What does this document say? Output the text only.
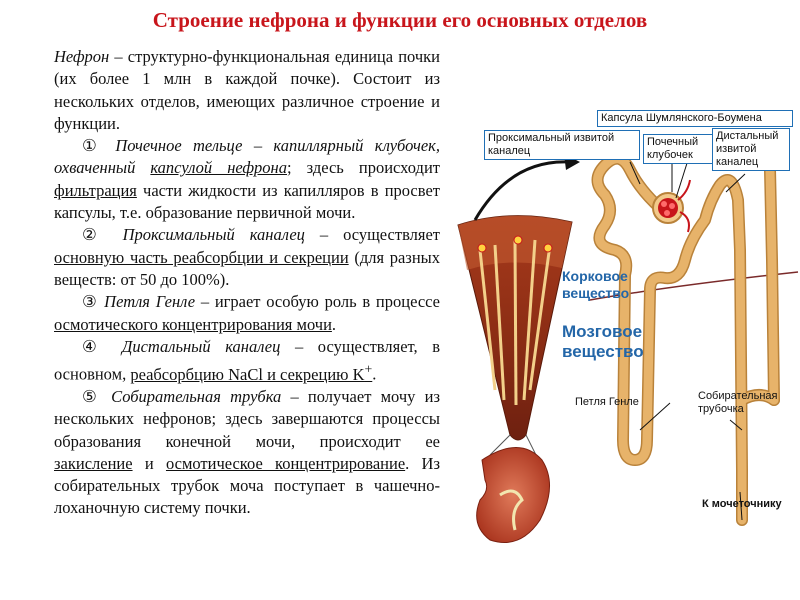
Строение нефрона и функции его основных отделов

Нефрон – структурно-функциональная единица почки (их более 1 млн в каждой почке). Состоит из нескольких отделов, имеющих различное строение и функции.

① Почечное тельце – капиллярный клубочек, охваченный капсулой нефрона; здесь происходит фильтрация части жидкости из капилляров в просвет капсулы, т.е. образование первичной мочи.

② Проксимальный каналец – осуществляет основную часть реабсорбции и секреции (для разных веществ: от 50 до 100%).

③ Петля Генле – играет особую роль в процессе осмотического концентрирования мочи.

④ Дистальный каналец – осуществляет, в основном, реабсорбцию NaCl и секрецию K+.

⑤ Собирательная трубка – получает мочу из нескольких нефронов; здесь завершаются процессы образования конечной мочи, происходит ее закисление и осмотическое концентрирование. Из собирательных трубок моча поступает в чашечно-лоханочную систему почки.

Капсула Шумлянского-Боумена
Проксимальный извитой каналец
Почечный клубочек
Дистальный извитой каналец
Корковое вещество
Мозговое вещество
Петля Генле	Собирательная трубочка
К мочеточнику
